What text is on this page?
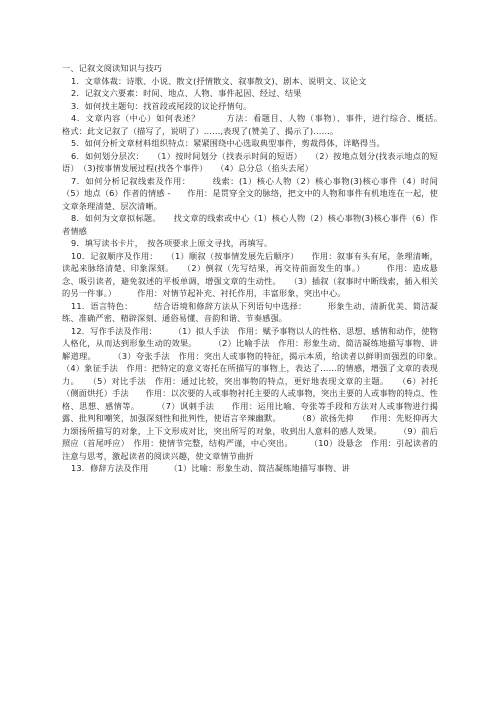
一、记叙文阅读知识与技巧

1．文章体裁：诗歌、小说、散文(抒情散文、叙事散文)、剧本、说明文、议论文

2．记叙文六要素：时间、地点、人物、事件起因、经过、结果

3．如何找主题句：找首段或尾段的议论抒情句。

4．文章内容（中心）如何表述？　　　方法：看题目、人物（事物）、事件，进行综合、概括。　　　格式：此文记叙了（描写了，说明了）……,表现了(赞美了、揭示了)……。

5．如何分析文章材料组织特点：紧紧围绕中心选取典型事件，剪裁得体，详略得当。

6．如何划分层次：　　（1）按时间划分（找表示时间的短语）　　（2）按地点划分(找表示地点的短语）　（3)按事情发展过程(找各个事件）　　（4）总分总（掐头去尾）

7．如何分析记叙线索及作用：　　　线索：(1）核心人物（2）核心事物(3)核心事件（4）时间（5）地点（6）作者的情感 -　　作用：是贯穿全文的脉络，把文中的人物和事件有机地连在一起，使文章条理清楚、层次清晰。

8．如何为文章拟标题。　　找文章的线索或中心（1）核心人物（2）核心事物(3)核心事件（6）作者情感

9．填写读书卡片，　按各项要求上原文寻找，再填写。

10．记叙顺序及作用：　　（1）顺叙（按事情发展先后顺序）　　作用：叙事有头有尾，条理清晰，读起来脉络清楚、印象深刻。　　（2）倒叙（先写结果，再交待前面发生的事。）　　　作用：造成悬念、吸引读者，避免叙述的平板单调，增强文章的生动性。　　（3）插叙（叙事时中断线索，插入相关的另一件事。）　　　作用：对情节起补充、衬托作用，丰富形象，突出中心。

11．语言特色：　　　结合语境和修辞方法从下列语句中选择：　　　形象生动、清新优美、简洁凝练、准确严密、精辟深刻、通俗易懂、音韵和谐、节奏感强。

12．写作手法及作用：　　　（1）拟人手法　作用：赋予事物以人的性格、思想、感情和动作，使物人格化，从而达到形象生动的效果。　　　（2）比喻手法　作用：形象生动、简洁凝练地描写事物、讲解道理。　　　（3）夸张手法　作用：突出人或事物的特征，揭示本质，给读者以鲜明而强烈的印象。　　（4）象征手法　作用：把特定的意义寄托在所描写的事物上，表达了……的情感，增强了文章的表现力。　　（5）对比手法　作用：通过比较，突出事物的特点，更好地表现文章的主题。　　（6）衬托（侧面烘托）手法　　作用：以次要的人或事物衬托主要的人或事物，突出主要的人或事物的特点、性格、思想、感情等。　　　（7）讽刺手法　　作用：运用比喻、夸张等手段和方法对人或事物进行揭露、批判和嘲笑，加强深刻性和批判性，使语言辛辣幽默。　　　（8）欲扬先抑　　作用：先贬抑再大力颂扬所描写的对象，上下文形成对比，突出所写的对象，收到出人意料的感人效果。　　　（9）前后照应（首尾呼应）　作用：使情节完整，结构严谨，中心突出。　　　（10）设悬念　作用：引起读者的注意与思考，激起读者的阅读兴趣，使文章情节曲折

13．修辞方法及作用　　　（1）比喻：形象生动、简洁凝练地描写事物、讲
